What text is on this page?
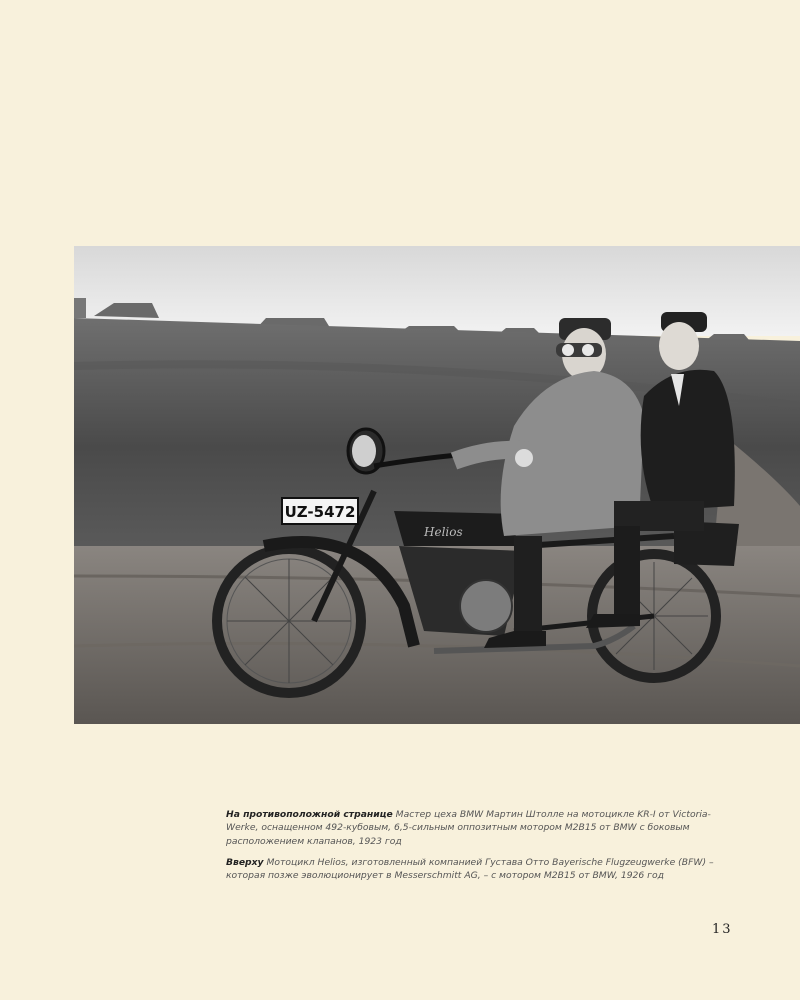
Helios
UZ-5472

На противоположной странице Мастер цеха BMW Мартин Штолле на мотоцикле KR-I от Victoria-Werke, оснащенном 492-кубовым, 6,5-сильным оппозитным мотором M2B15 от BMW с боковым расположением клапанов, 1923 год

Вверху Мотоцикл Helios, изготовленный компанией Густава Отто Bayerische Flugzeugwerke (BFW) – которая позже эволюционирует в Messerschmitt AG, – с мотором M2B15 от BMW, 1926 год

13
